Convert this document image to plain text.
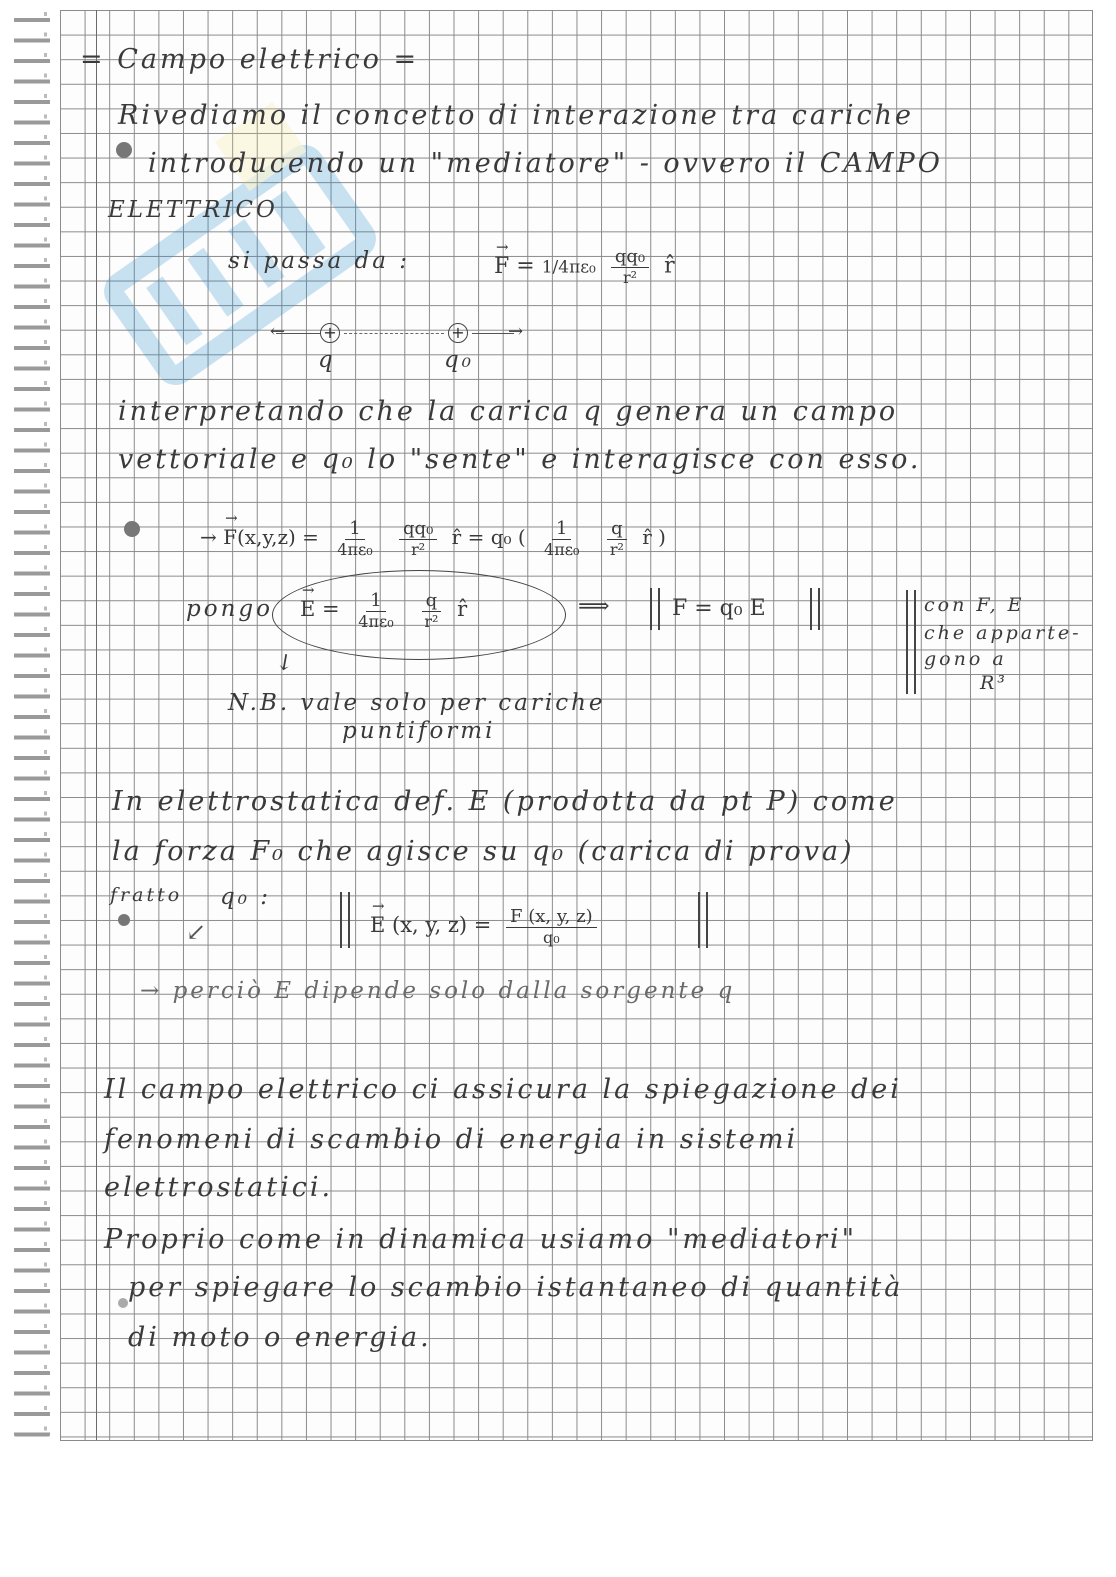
= Campo elettrico =
Rivediamo il concetto di interazione tra cariche
introducendo un "mediatore" - ovvero il CAMPO
ELETTRICO
si passa da :	→ $F = 1/4\pi\varepsilon_0 \frac{\text{qq₀}}{\text{r²}}$ r̂
← +	+ →
q	q₀
interpretando che la carica q genera un campo
vettoriale e q₀ lo "sente" e interagisce con esso.
→ → $F(x,y,z) = \frac{1}{\text{4πε₀}}$
$\frac{\text{qq₀}}{\text{r²}}$ r̂ = q₀ ( $\frac{1}{\text{4πε₀}}$
$\frac{q}{\text{r²}}$ r̂ )
pongo → $E = \frac{1}{\text{4πε₀}}$
$\frac{q}{\text{r²}}$ r̂	⟹	F = q₀ E	con F, E
che apparte-
gono a
R³
↙
N.B. vale solo per cariche
puntiformi
In elettrostatica def. E (prodotta da pt P) come
la forza F₀ che agisce su q₀ (carica di prova)
fratto q₀ :
→ E (x, y, $z) = \frac{F (x, y, z)}{\text{q₀}}$
↙
→ perciò E dipende solo dalla sorgente q
Il campo elettrico ci assicura la spiegazione dei
fenomeni di scambio di energia in sistemi
elettrostatici.
Proprio come in dinamica usiamo "mediatori"
per spiegare lo scambio istantaneo di quantità
di moto o energia.
